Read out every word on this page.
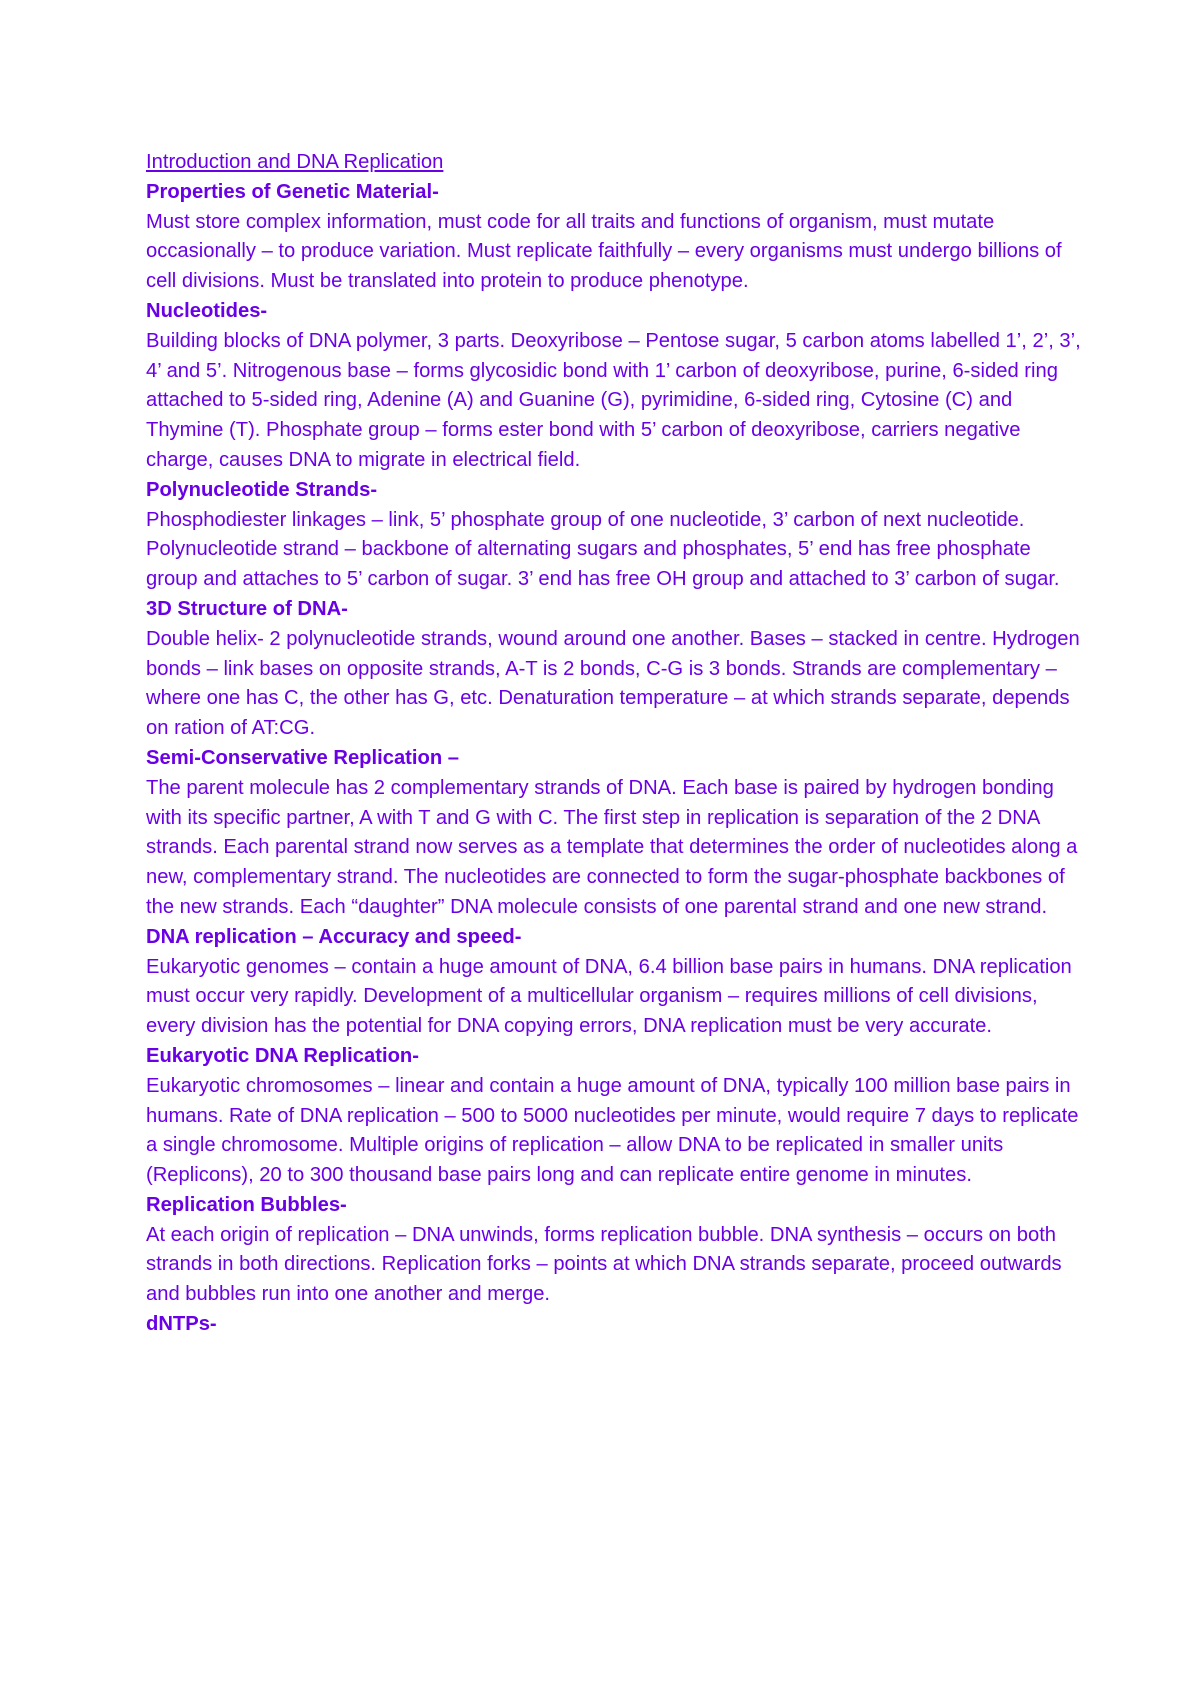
Introduction and DNA Replication

Properties of Genetic Material-

Must store complex information, must code for all traits and functions of organism, must mutate occasionally – to produce variation. Must replicate faithfully – every organisms must undergo billions of cell divisions. Must be translated into protein to produce phenotype.

Nucleotides-

Building blocks of DNA polymer, 3 parts. Deoxyribose – Pentose sugar, 5 carbon atoms labelled 1’, 2’, 3’, 4’ and 5’. Nitrogenous base – forms glycosidic bond with 1’ carbon of deoxyribose, purine, 6-sided ring attached to 5-sided ring, Adenine (A) and Guanine (G), pyrimidine, 6-sided ring, Cytosine (C) and Thymine (T). Phosphate group – forms ester bond with 5’ carbon of deoxyribose, carriers negative charge, causes DNA to migrate in electrical field.

Polynucleotide Strands-

Phosphodiester linkages – link, 5’ phosphate group of one nucleotide, 3’ carbon of next nucleotide. Polynucleotide strand – backbone of alternating sugars and phosphates, 5’ end has free phosphate group and attaches to 5’ carbon of sugar. 3’ end has free OH group and attached to 3’ carbon of sugar.

3D Structure of DNA-

Double helix- 2 polynucleotide strands, wound around one another. Bases – stacked in centre. Hydrogen bonds – link bases on opposite strands, A-T is 2 bonds, C-G is 3 bonds. Strands are complementary – where one has C, the other has G, etc. Denaturation temperature – at which strands separate, depends on ration of AT:CG.

Semi-Conservative Replication –

The parent molecule has 2 complementary strands of DNA. Each base is paired by hydrogen bonding with its specific partner, A with T and G with C. The first step in replication is separation of the 2 DNA strands. Each parental strand now serves as a template that determines the order of nucleotides along a new, complementary strand. The nucleotides are connected to form the sugar-phosphate backbones of the new strands. Each “daughter” DNA molecule consists of one parental strand and one new strand.

DNA replication – Accuracy and speed-

Eukaryotic genomes – contain a huge amount of DNA, 6.4 billion base pairs in humans. DNA replication must occur very rapidly. Development of a multicellular organism – requires millions of cell divisions, every division has the potential for DNA copying errors, DNA replication must be very accurate.

Eukaryotic DNA Replication-

Eukaryotic chromosomes – linear and contain a huge amount of DNA, typically 100 million base pairs in humans. Rate of DNA replication – 500 to 5000 nucleotides per minute, would require 7 days to replicate a single chromosome. Multiple origins of replication – allow DNA to be replicated in smaller units (Replicons), 20 to 300 thousand base pairs long and can replicate entire genome in minutes.

Replication Bubbles-

At each origin of replication – DNA unwinds, forms replication bubble. DNA synthesis – occurs on both strands in both directions. Replication forks – points at which DNA strands separate, proceed outwards and bubbles run into one another and merge.

dNTPs-
